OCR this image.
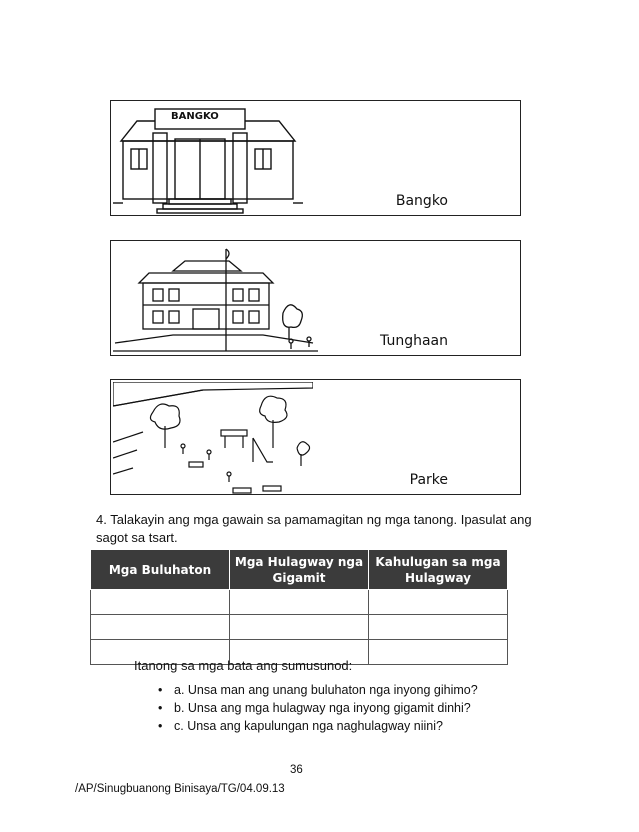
BANGKO
Bangko
Tunghaan
Parke
4. Talakayin ang mga gawain sa pamamagitan ng mga tanong. Ipasulat ang sagot sa tsart.
Mga Buluhaton	Mga Hulagway nga Gigamit	Kahulugan sa mga Hulagway

Itanong sa mga bata ang sumusunod:
• a. Unsa man ang unang buluhaton nga inyong gihimo?
• b. Unsa ang mga hulagway nga inyong gigamit dinhi?
• c. Unsa ang kapulungan nga naghulagway niini?
36
/AP/Sinugbuanong Binisaya/TG/04.09.13
